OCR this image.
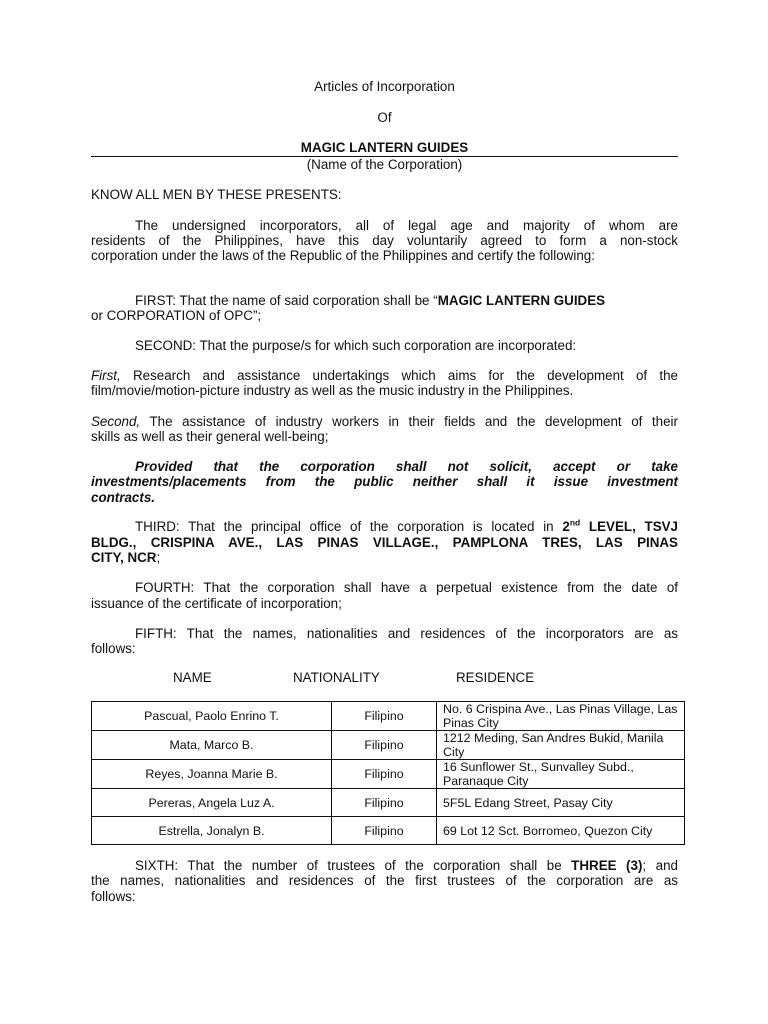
Articles of Incorporation
Of
MAGIC LANTERN GUIDES
(Name of the Corporation)
KNOW ALL MEN BY THESE PRESENTS:
The undersigned incorporators, all of legal age and majority of whom are
residents of the Philippines, have this day voluntarily agreed to form a non-stock
corporation under the laws of the Republic of the Philippines and certify the following:
FIRST: That the name of said corporation shall be “MAGIC LANTERN GUIDES
or CORPORATION of OPC”;
SECOND: That the purpose/s for which such corporation are incorporated:
First, Research and assistance undertakings which aims for the development of the
film/movie/motion-picture industry as well as the music industry in the Philippines.
Second, The assistance of industry workers in their fields and the development of their
skills as well as their general well-being;
Provided that the corporation shall not solicit, accept or take
investments/placements from the public neither shall it issue investment
contracts.
THIRD: That the principal office of the corporation is located in 2nd LEVEL, TSVJ
BLDG., CRISPINA AVE., LAS PINAS VILLAGE., PAMPLONA TRES, LAS PINAS
CITY, NCR;
FOURTH: That the corporation shall have a perpetual existence from the date of
issuance of the certificate of incorporation;
FIFTH: That the names, nationalities and residences of the incorporators are as
follows:
NAME	NATIONALITY	RESIDENCE
Pascual, Paolo Enrino T.	Filipino	No. 6 Crispina Ave., Las Pinas Village, Las
Pinas City
Mata, Marco B.	Filipino	1212 Meding, San Andres Bukid, Manila City
Reyes, Joanna Marie B.	Filipino	16 Sunflower St., Sunvalley Subd.,
Paranaque City
Pereras, Angela Luz A.	Filipino	5F5L Edang Street, Pasay City
Estrella, Jonalyn B.	Filipino	69 Lot 12 Sct. Borromeo, Quezon City
SIXTH: That the number of trustees of the corporation shall be THREE (3); and
the names, nationalities and residences of the first trustees of the corporation are as
follows:
